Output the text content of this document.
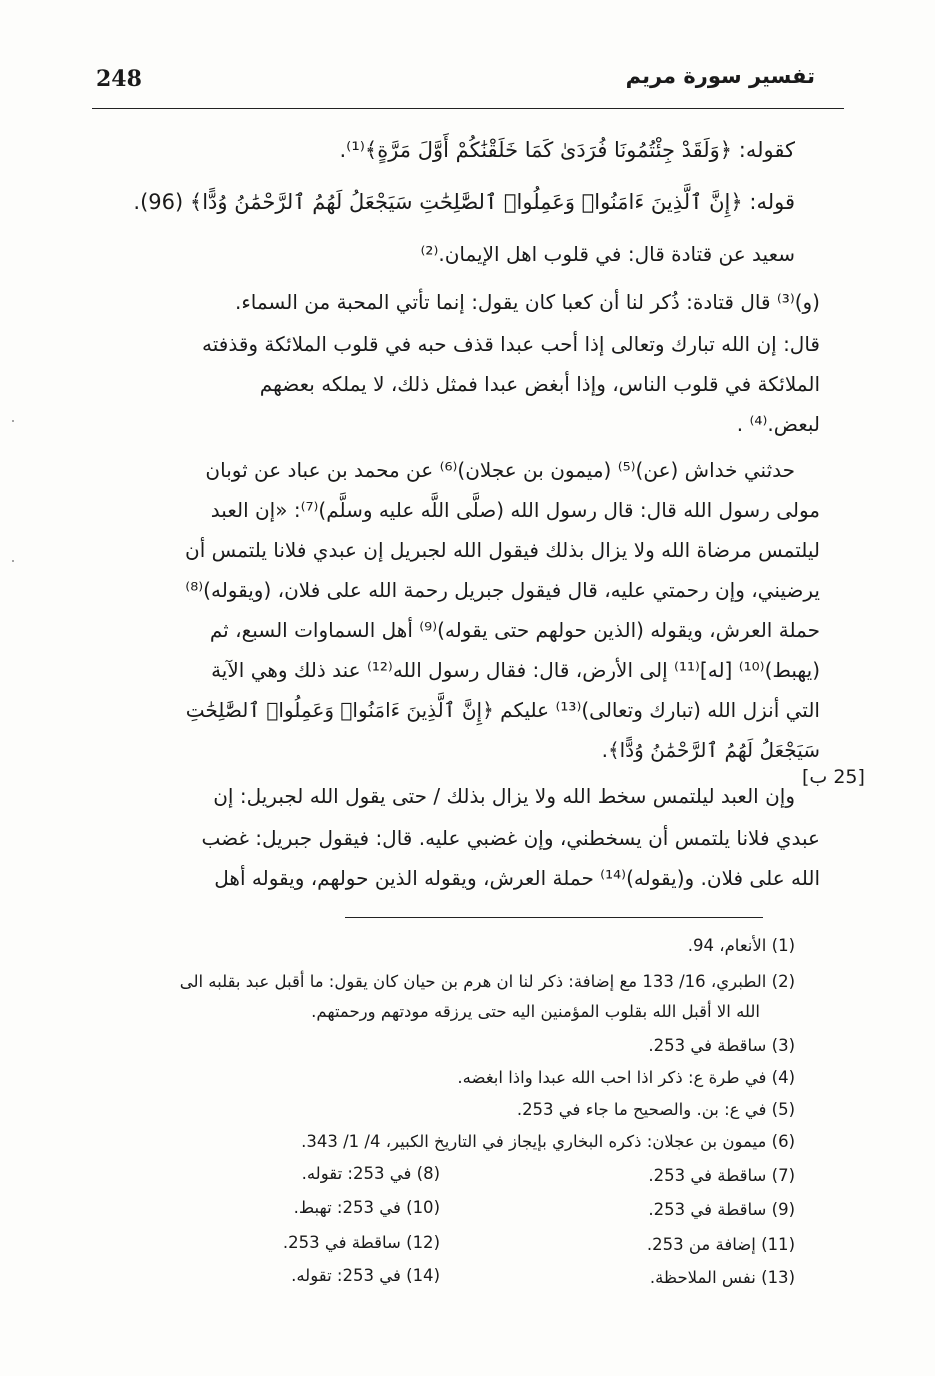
248	تفسير سورة مريم
كقوله: ﴿وَلَقَدْ جِئْتُمُونَا فُرَدَىٰ كَمَا خَلَقْنَٰكُمْ أَوَّلَ مَرَّةٍ﴾⁽¹⁾.
قوله: ﴿إِنَّ ٱلَّذِينَ ءَامَنُوا۟ وَعَمِلُوا۟ ٱلصَّٰلِحَٰتِ سَيَجْعَلُ لَهُمُ ٱلرَّحْمَٰنُ وُدًّا﴾ (96).
سعيد عن قتادة قال: في قلوب اهل الإيمان.⁽²⁾
(و)⁽³⁾ قال قتادة: ذُكر لنا أن كعبا كان يقول: إنما تأتي المحبة من السماء.
قال: إن الله تبارك وتعالى إذا أحب عبدا قذف حبه في قلوب الملائكة وقذفته
الملائكة في قلوب الناس، وإذا أبغض عبدا فمثل ذلك، لا يملكه بعضهم
لبعض.⁽⁴⁾ .
حدثني خداش (عن)⁽⁵⁾ (ميمون بن عجلان)⁽⁶⁾ عن محمد بن عباد عن ثوبان
مولى رسول الله قال: قال رسول الله (صلَّى اللَّه عليه وسلَّم)⁽⁷⁾: «إن العبد
ليلتمس مرضاة الله ولا يزال بذلك فيقول الله لجبريل إن عبدي فلانا يلتمس أن
يرضيني، وإن رحمتي عليه، قال فيقول جبريل رحمة الله على فلان، (ويقوله)⁽⁸⁾
حملة العرش، ويقوله (الذين حولهم حتى يقوله)⁽⁹⁾ أهل السماوات السبع، ثم
(يهبط)⁽¹⁰⁾ [له]⁽¹¹⁾ إلى الأرض، قال: فقال رسول الله⁽¹²⁾ عند ذلك وهي الآية
التي أنزل الله (تبارك وتعالى)⁽¹³⁾ عليكم ﴿إِنَّ ٱلَّذِينَ ءَامَنُوا۟ وَعَمِلُوا۟ ٱلصَّٰلِحَٰتِ
سَيَجْعَلُ لَهُمُ ٱلرَّحْمَٰنُ وُدًّا﴾.
[25 ب]
وإن العبد ليلتمس سخط الله ولا يزال بذلك / حتى يقول الله لجبريل: إن
عبدي فلانا يلتمس أن يسخطني، وإن غضبي عليه. قال: فيقول جبريل: غضب
الله على فلان. و(يقوله)⁽¹⁴⁾ حملة العرش، ويقوله الذين حولهم، ويقوله أهل
(1) الأنعام، 94.
(2) الطبري، 16/ 133 مع إضافة: ذكر لنا ان هرم بن حيان كان يقول: ما أقبل عبد بقلبه الى
الله الا أقبل الله بقلوب المؤمنين اليه حتى يرزقه مودتهم ورحمتهم.
(3) ساقطة في 253.
(4) في طرة ع: ذكر اذا احب الله عبدا واذا ابغضه.
(5) في ع: بن. والصحيح ما جاء في 253.
(6) ميمون بن عجلان: ذكره البخاري بإيجاز في التاريخ الكبير، 4/ 1/ 343.
(7) ساقطة في 253.
(8) في 253: تقوله.
(9) ساقطة في 253.
(10) في 253: تهبط.
(11) إضافة من 253.
(12) ساقطة في 253.
(13) نفس الملاحظة.
(14) في 253: تقوله.
